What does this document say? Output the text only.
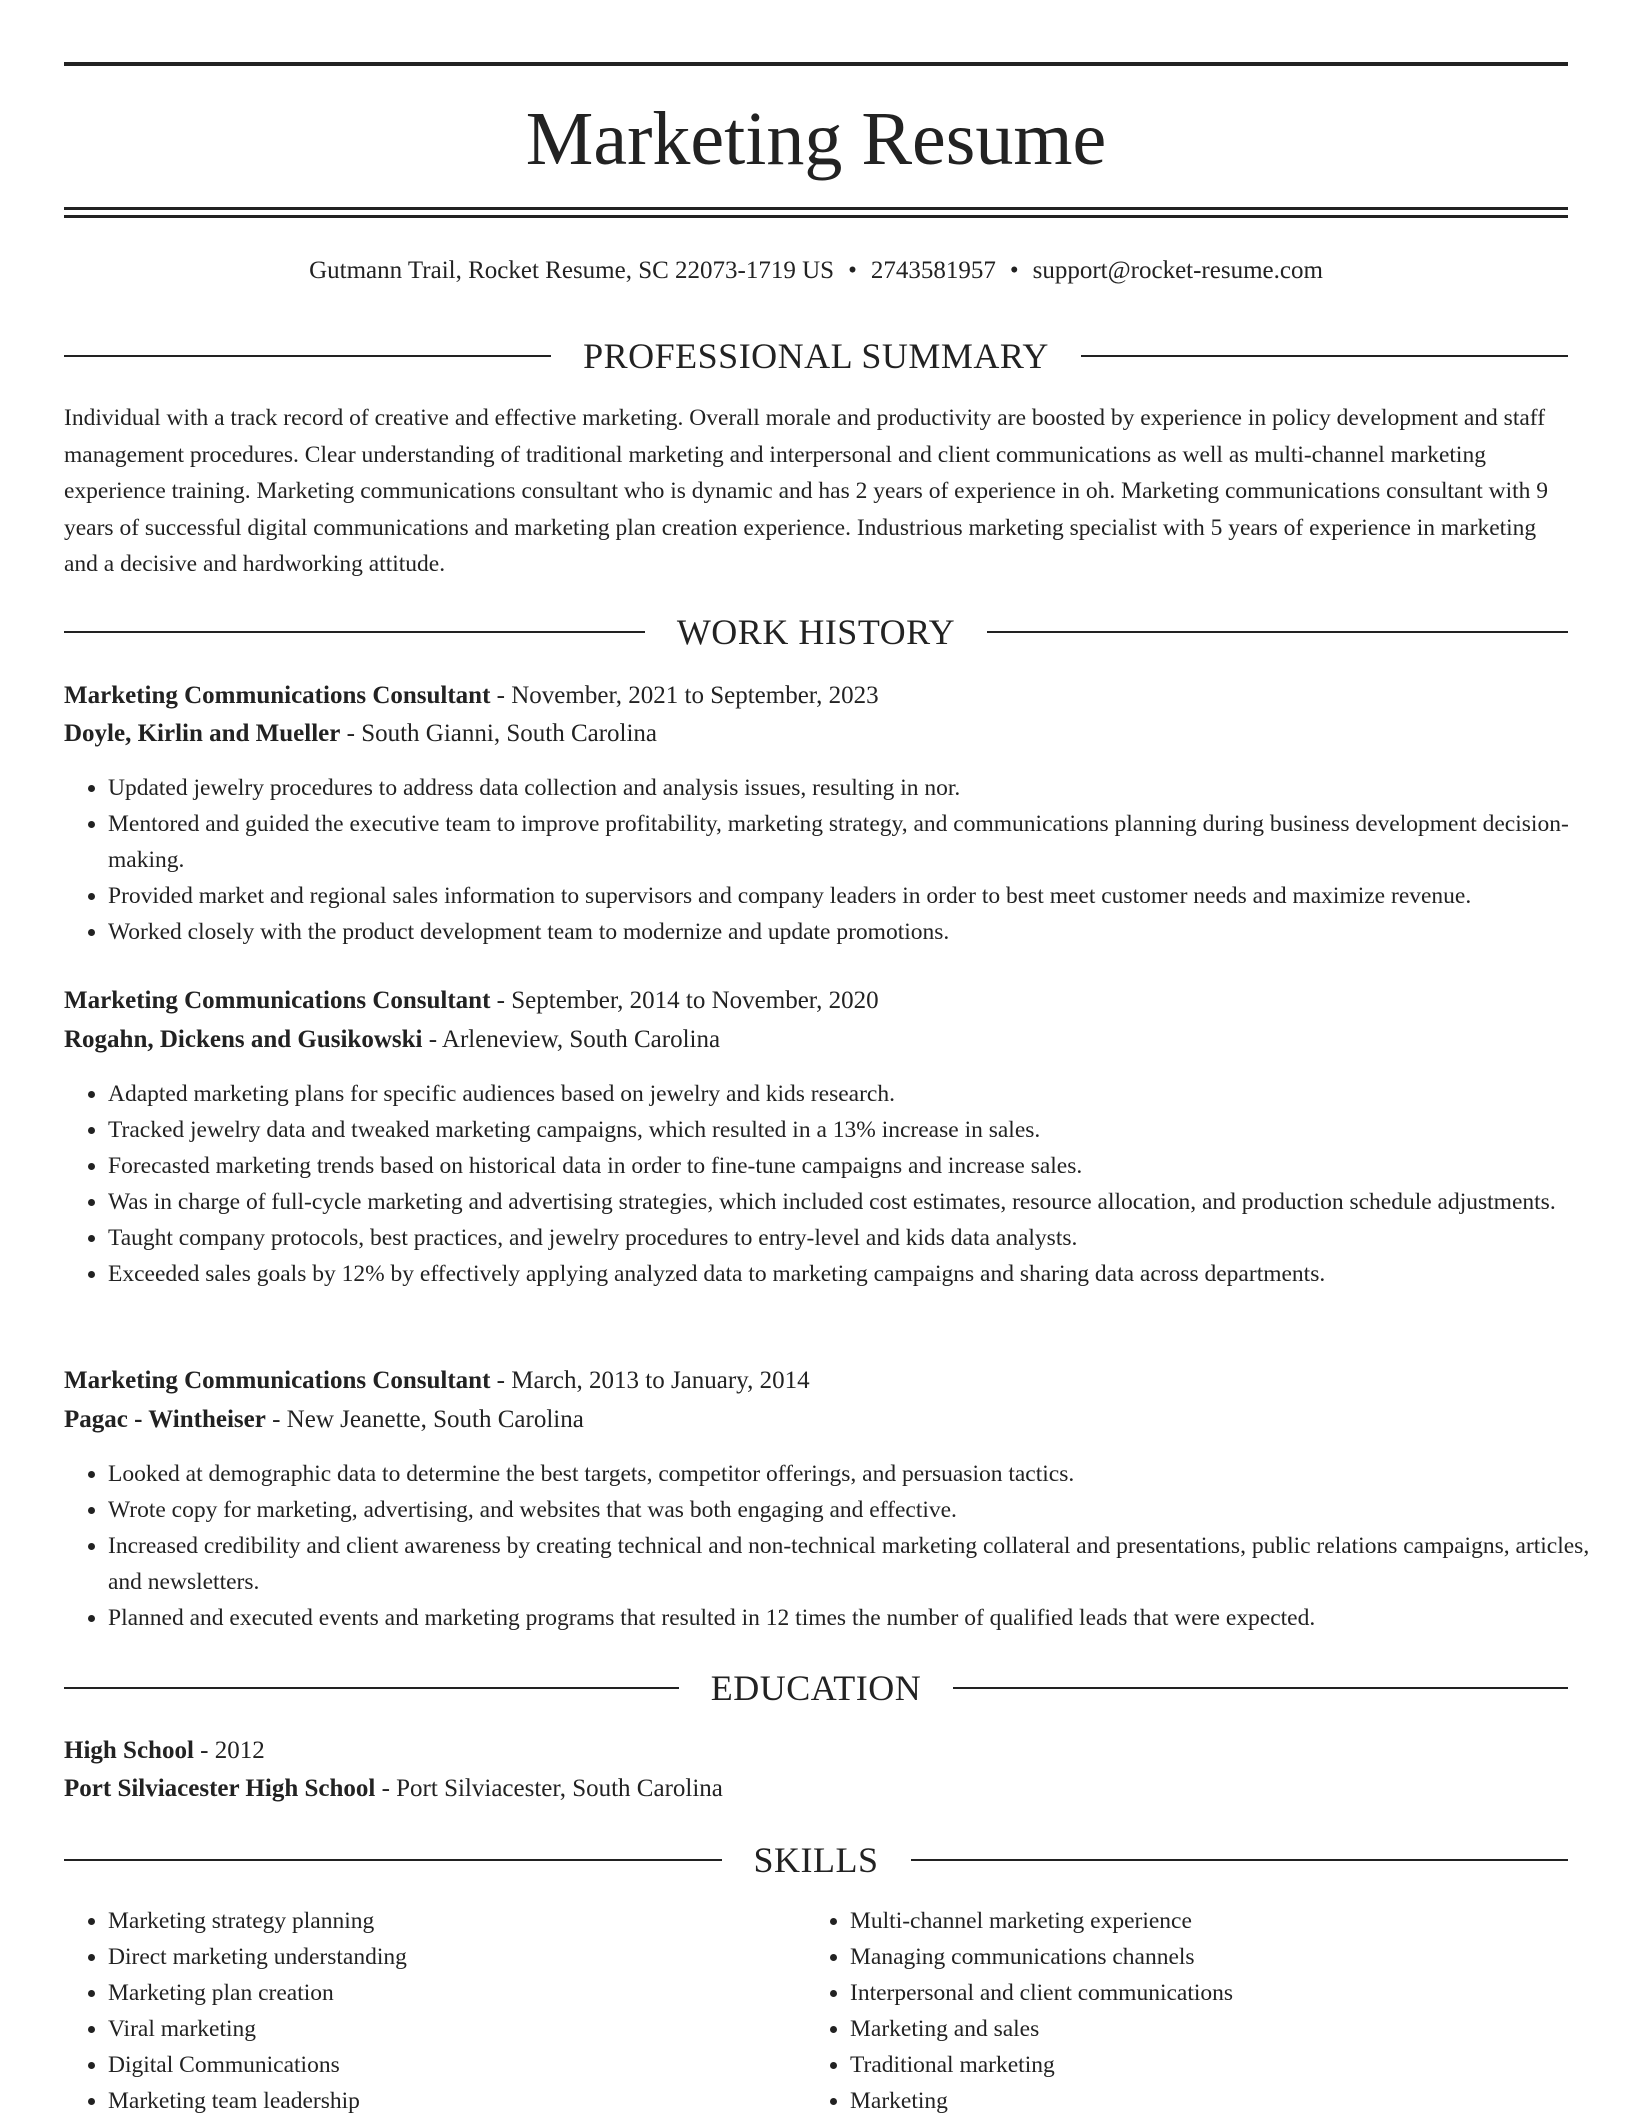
Marketing Resume
Gutmann Trail, Rocket Resume, SC 22073-1719 US • 2743581957 • support@rocket-resume.com
PROFESSIONAL SUMMARY

Individual with a track record of creative and effective marketing. Overall morale and productivity are boosted by experience in policy development and staff management procedures. Clear understanding of traditional marketing and interpersonal and client communications as well as multi-channel marketing experience training. Marketing communications consultant who is dynamic and has 2 years of experience in oh. Marketing communications consultant with 9 years of successful digital communications and marketing plan creation experience. Industrious marketing specialist with 5 years of experience in marketing and a decisive and hardworking attitude.

WORK HISTORY
Marketing Communications Consultant - November, 2021 to September, 2023
Doyle, Kirlin and Mueller - South Gianni, South Carolina
• Updated jewelry procedures to address data collection and analysis issues, resulting in nor.
• Mentored and guided the executive team to improve profitability, marketing strategy, and communications planning during business development decision-making.
• Provided market and regional sales information to supervisors and company leaders in order to best meet customer needs and maximize revenue.
• Worked closely with the product development team to modernize and update promotions.
Marketing Communications Consultant - September, 2014 to November, 2020
Rogahn, Dickens and Gusikowski - Arleneview, South Carolina
• Adapted marketing plans for specific audiences based on jewelry and kids research.
• Tracked jewelry data and tweaked marketing campaigns, which resulted in a 13% increase in sales.
• Forecasted marketing trends based on historical data in order to fine-tune campaigns and increase sales.
• Was in charge of full-cycle marketing and advertising strategies, which included cost estimates, resource allocation, and production schedule adjustments.
• Taught company protocols, best practices, and jewelry procedures to entry-level and kids data analysts.
• Exceeded sales goals by 12% by effectively applying analyzed data to marketing campaigns and sharing data across departments.
Marketing Communications Consultant - March, 2013 to January, 2014
Pagac - Wintheiser - New Jeanette, South Carolina
• Looked at demographic data to determine the best targets, competitor offerings, and persuasion tactics.
• Wrote copy for marketing, advertising, and websites that was both engaging and effective.
• Increased credibility and client awareness by creating technical and non-technical marketing collateral and presentations, public relations campaigns, articles, and newsletters.
• Planned and executed events and marketing programs that resulted in 12 times the number of qualified leads that were expected.
EDUCATION
High School - 2012
Port Silviacester High School - Port Silviacester, South Carolina
SKILLS
• Marketing strategy planning
• Direct marketing understanding
• Marketing plan creation
• Viral marketing
• Digital Communications
• Marketing team leadership
• Multi-channel marketing experience
• Managing communications channels
• Interpersonal and client communications
• Marketing and sales
• Traditional marketing
• Marketing
